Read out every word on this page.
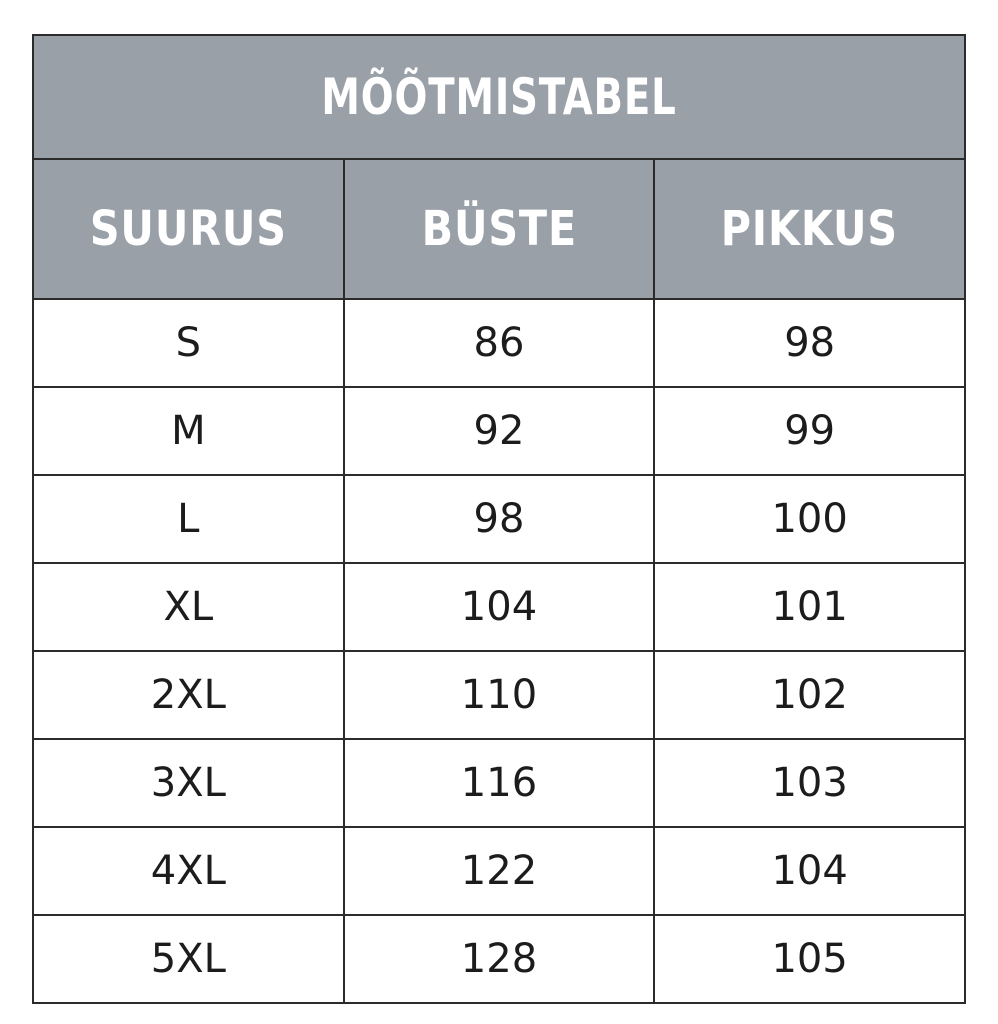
MÕÕTMISTABEL		

SUURUS	BÜSTE	PIKKUS

S	86	98
M	92	99
L	98	100
XL	104	101
2XL	110	102
3XL	116	103
4XL	122	104
5XL	128	105
